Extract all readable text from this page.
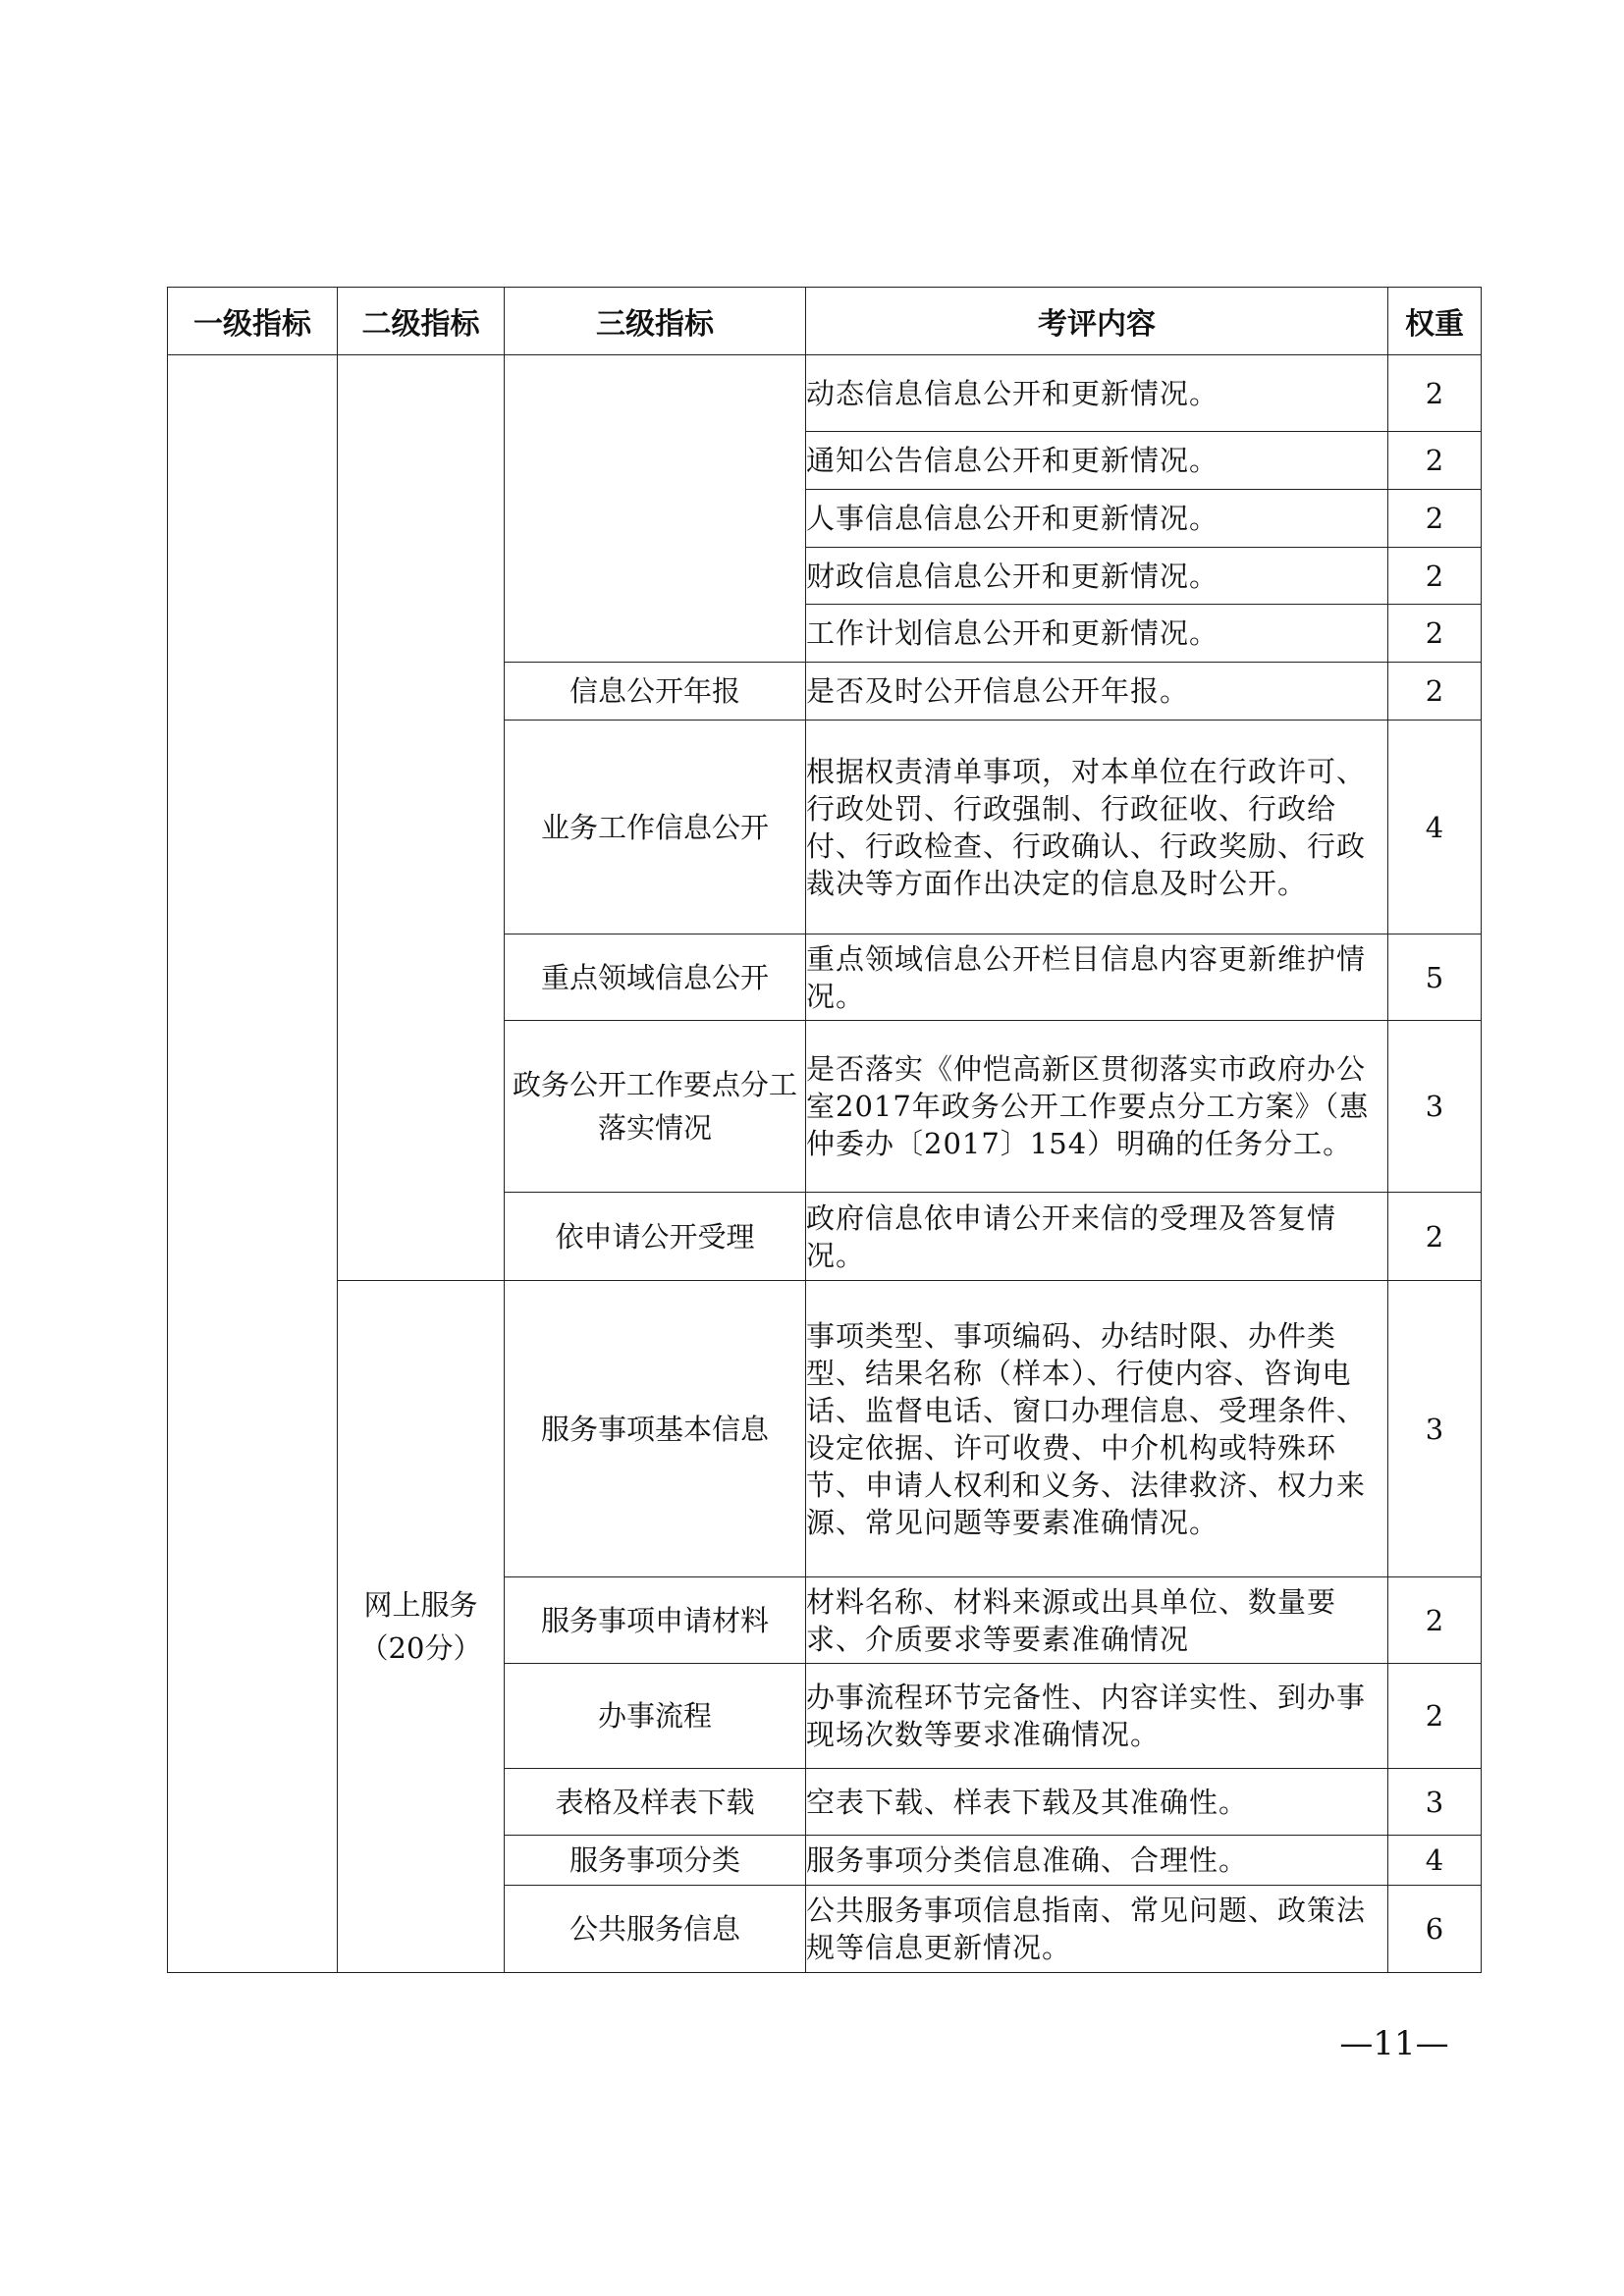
一级指标	二级指标	三级指标	考评内容	权重
			动态信息信息公开和更新情况。	2
			通知公告信息公开和更新情况。	2
			人事信息信息公开和更新情况。	2
			财政信息信息公开和更新情况。	2
			工作计划信息公开和更新情况。	2
		信息公开年报	是否及时公开信息公开年报。	2
		业务工作信息公开	根据权责清单事项，对本单位在行政许可、行政处罚、行政强制、行政征收、行政给付、行政检查、行政确认、行政奖励、行政裁决等方面作出决定的信息及时公开。	4
		重点领域信息公开	重点领域信息公开栏目信息内容更新维护情况。	5
		政务公开工作要点分工落实情况	是否落实《仲恺高新区贯彻落实市政府办公室2017年政务公开工作要点分工方案》（惠仲委办〔2017〕154）明确的任务分工。	3
		依申请公开受理	政府信息依申请公开来信的受理及答复情况。	2
	网上服务（20分）	服务事项基本信息	事项类型、事项编码、办结时限、办件类型、结果名称（样本）、行使内容、咨询电话、监督电话、窗口办理信息、受理条件、设定依据、许可收费、中介机构或特殊环节、申请人权利和义务、法律救济、权力来源、常见问题等要素准确情况。	3
		服务事项申请材料	材料名称、材料来源或出具单位、数量要求、介质要求等要素准确情况	2
		办事流程	办事流程环节完备性、内容详实性、到办事现场次数等要求准确情况。	2
		表格及样表下载	空表下载、样表下载及其准确性。	3
		服务事项分类	服务事项分类信息准确、合理性。	4
		公共服务信息	公共服务事项信息指南、常见问题、政策法规等信息更新情况。	6
—11—
